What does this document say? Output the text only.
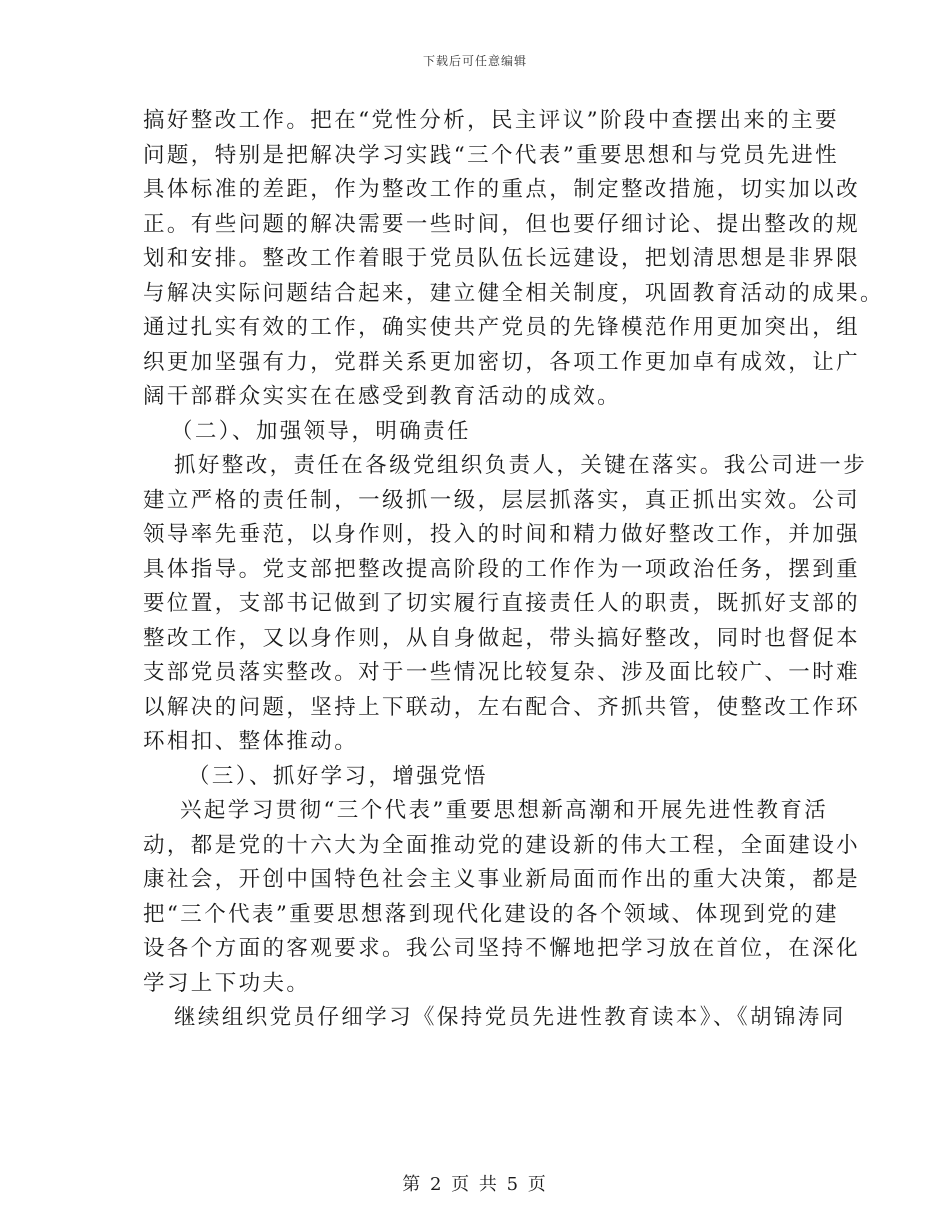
下载后可任意编辑
搞好整改工作。把在“党性分析，民主评议”阶段中查摆出来的主要
问题，特别是把解决学习实践“三个代表”重要思想和与党员先进性
具体标准的差距，作为整改工作的重点，制定整改措施，切实加以改
正。有些问题的解决需要一些时间，但也要仔细讨论、提出整改的规
划和安排。整改工作着眼于党员队伍长远建设，把划清思想是非界限
与解决实际问题结合起来，建立健全相关制度，巩固教育活动的成果。
通过扎实有效的工作，确实使共产党员的先锋模范作用更加突出，组
织更加坚强有力，党群关系更加密切，各项工作更加卓有成效，让广
阔干部群众实实在在感受到教育活动的成效。
（二）、加强领导，明确责任
抓好整改，责任在各级党组织负责人，关键在落实。我公司进一步
建立严格的责任制，一级抓一级，层层抓落实，真正抓出实效。公司
领导率先垂范，以身作则，投入的时间和精力做好整改工作，并加强
具体指导。党支部把整改提高阶段的工作作为一项政治任务，摆到重
要位置，支部书记做到了切实履行直接责任人的职责，既抓好支部的
整改工作，又以身作则，从自身做起，带头搞好整改，同时也督促本
支部党员落实整改。对于一些情况比较复杂、涉及面比较广、一时难
以解决的问题，坚持上下联动，左右配合、齐抓共管，使整改工作环
环相扣、整体推动。
（三）、抓好学习，增强党悟
兴起学习贯彻“三个代表”重要思想新高潮和开展先进性教育活
动，都是党的十六大为全面推动党的建设新的伟大工程，全面建设小
康社会，开创中国特色社会主义事业新局面而作出的重大决策，都是
把“三个代表”重要思想落到现代化建设的各个领域、体现到党的建
设各个方面的客观要求。我公司坚持不懈地把学习放在首位，在深化
学习上下功夫。
继续组织党员仔细学习《保持党员先进性教育读本》、《胡锦涛同
第 2 页 共 5 页
